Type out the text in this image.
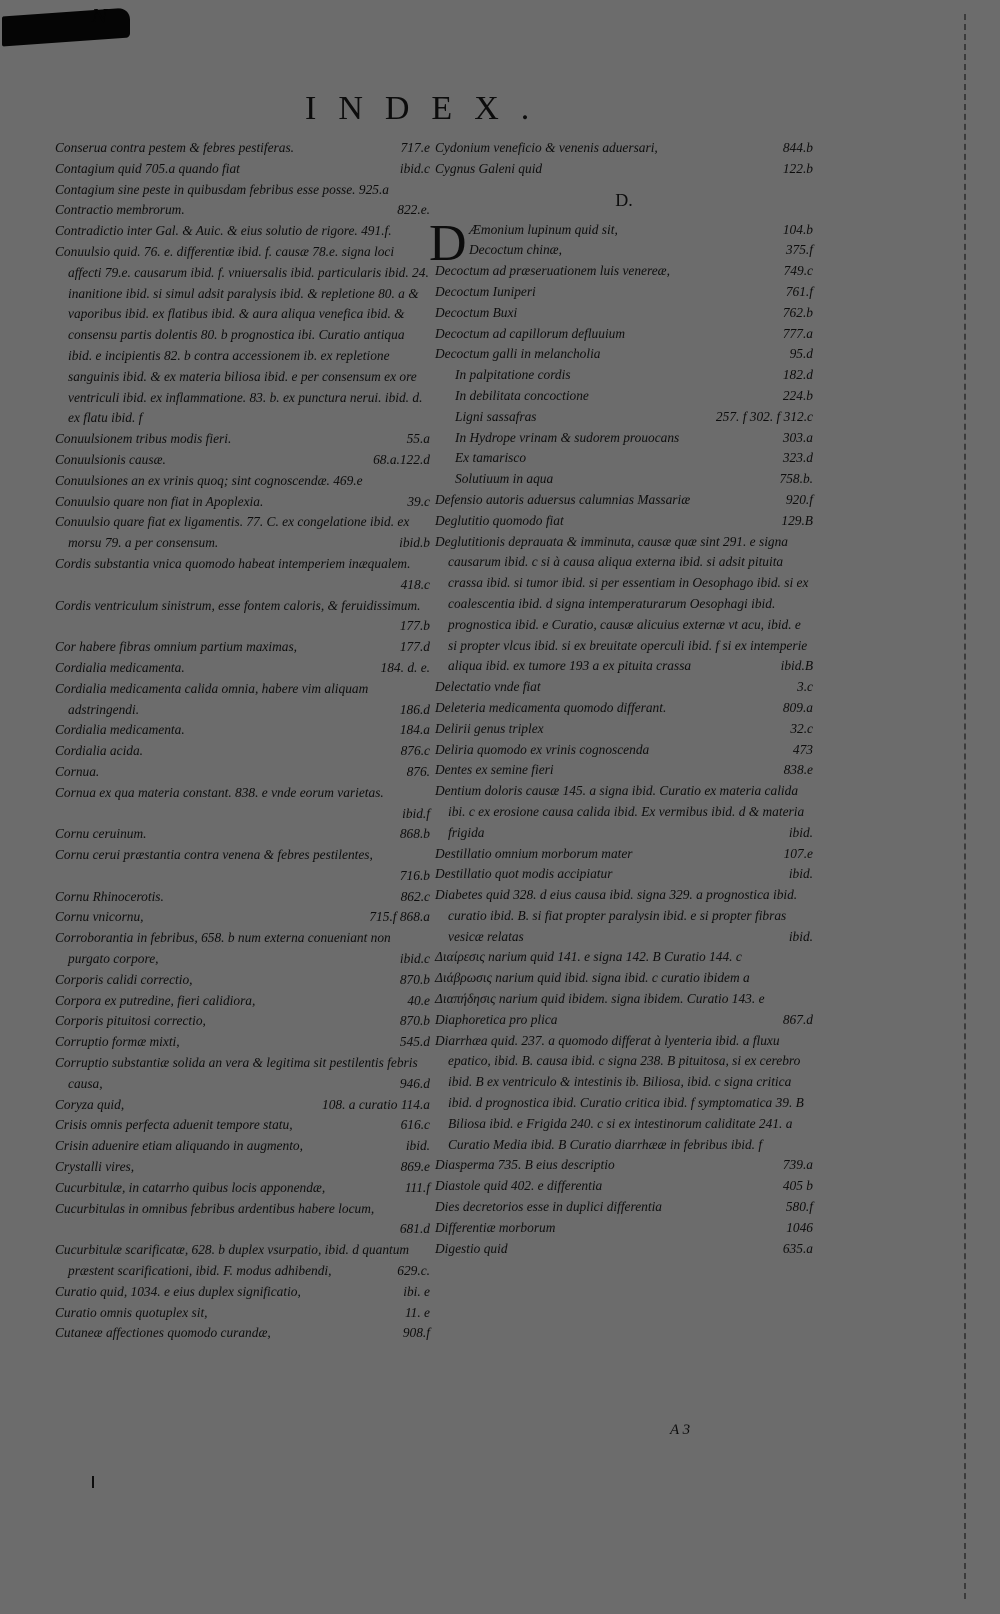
N
INDEX.
Conserua contra pestem & febres pestiferas.	717.e
Contagium quid 705.a quando fiat	ibid.c
Contagium sine peste in quibusdam febribus esse posse. 925.a
Contractio membrorum.	822.e.
Contradictio inter Gal. & Auic. & eius solutio de rigore. 491.f.
Conuulsio quid. 76. e. differentiæ ibid. f. causæ 78.e. signa loci affecti 79.e. causarum ibid. f. vniuersalis ibid. particularis ibid. 24. inanitione ibid. si simul adsit paralysis ibid. & repletione 80. a & vaporibus ibid. ex flatibus ibid. & aura aliqua venefica ibid. & consensu partis dolentis 80. b prognostica ibi. Curatio antiqua ibid. e incipientis 82. b contra accessionem ib. ex repletione sanguinis ibid. & ex materia biliosa ibid. e per consensum ex ore ventriculi ibid. ex inflammatione. 83. b. ex punctura nerui. ibid. d. ex flatu ibid. f
Conuulsionem tribus modis fieri.	55.a
Conuulsionis causæ.	68.a.122.d
Conuulsiones an ex vrinis quoq; sint cognoscendæ. 469.e
Conuulsio quare non fiat in Apoplexia.	39.c
Conuulsio quare fiat ex ligamentis. 77. C. ex congelatione ibid. ex morsu 79. a per consensum.	ibid.b
Cordis substantia vnica quomodo habeat intemperiem inæqualem.
418.c
Cordis ventriculum sinistrum, esse fontem caloris, & feruidissimum.
177.b
Cor habere fibras omnium partium maximas,	177.d
Cordialia medicamenta.	184. d. e.
Cordialia medicamenta calida omnia, habere vim aliquam adstringendi.	186.d
Cordialia medicamenta.	184.a
Cordialia acida.	876.c
Cornua.	876.
Cornua ex qua materia constant. 838. e vnde eorum varietas.
ibid.f
Cornu ceruinum.	868.b
Cornu cerui præstantia contra venena & febres pestilentes,
716.b
Cornu Rhinocerotis.	862.c
Cornu vnicornu,	715.f 868.a
Corroborantia in febribus, 658. b num externa conueniant non purgato corpore,	ibid.c
Corporis calidi correctio,	870.b
Corpora ex putredine, fieri calidiora,	40.e
Corporis pituitosi correctio,	870.b
Corruptio formæ mixti,	545.d
Corruptio substantiæ solida an vera & legitima sit pestilentis febris causa,	946.d
Coryza quid,	108. a curatio 114.a
Crisis omnis perfecta aduenit tempore statu,	616.c
Crisin aduenire etiam aliquando in augmento,	ibid.
Crystalli vires,	869.e
Cucurbitulæ, in catarrho quibus locis apponendæ,	111.f
Cucurbitulas in omnibus febribus ardentibus habere locum,
681.d
Cucurbitulæ scarificatæ, 628. b duplex vsurpatio, ibid. d quantum præstent scarificationi, ibid. F. modus adhibendi,	629.c.
Curatio quid, 1034. e eius duplex significatio,	ibi. e
Curatio omnis quotuplex sit,	11. e
Cutaneæ affectiones quomodo curandæ,	908.f
Cydonium veneficio & venenis aduersari,	844.b
Cygnus Galeni quid	122.b
D.
D Æmonium lupinum quid sit,	104.b
Decoctum chinæ,	375.f
Decoctum ad præseruationem luis venereæ,	749.c
Decoctum Iuniperi	761.f
Decoctum Buxi	762.b
Decoctum ad capillorum defluuium	777.a
Decoctum galli in melancholia	95.d
In palpitatione cordis	182.d
In debilitata concoctione	224.b
Ligni sassafras	257. f 302. f 312.c
In Hydrope vrinam & sudorem prouocans	303.a
Ex tamarisco	323.d
Solutiuum in aqua	758.b.
Defensio autoris aduersus calumnias Massariæ	920.f
Deglutitio quomodo fiat	129.B
Deglutitionis deprauata & imminuta, causæ quæ sint 291. e signa causarum ibid. c si à causa aliqua externa ibid. si adsit pituita crassa ibid. si tumor ibid. si per essentiam in Oesophago ibid. si ex coalescentia ibid. d signa intemperaturarum Oesophagi ibid. prognostica ibid. e Curatio, causæ alicuius externæ vt acu, ibid. e si propter vlcus ibid. si ex breuitate operculi ibid. f si ex intemperie aliqua ibid. ex tumore 193 a ex pituita crassa	ibid.B
Delectatio vnde fiat	3.c
Deleteria medicamenta quomodo differant.	809.a
Delirii genus triplex	32.c
Deliria quomodo ex vrinis cognoscenda	473
Dentes ex semine fieri	838.e
Dentium doloris causæ 145. a signa ibid. Curatio ex materia calida ibi. c ex erosione causa calida ibid. Ex vermibus ibid. d & materia frigida	ibid.
Destillatio omnium morborum mater	107.e
Destillatio quot modis accipiatur	ibid.
Diabetes quid 328. d eius causa ibid. signa 329. a prognostica ibid. curatio ibid. B. si fiat propter paralysin ibid. e si propter fibras vesicæ relatas	ibid.
Διαίρεσις narium quid 141. e signa 142. B Curatio 144. c
Διάβρωσις narium quid ibid. signa ibid. c curatio ibidem a
Διαπήδησις narium quid ibidem. signa ibidem. Curatio 143. e
Diaphoretica pro plica	867.d
Diarrhæa quid. 237. a quomodo differat à lyenteria ibid. a fluxu epatico, ibid. B. causa ibid. c signa 238. B pituitosa, si ex cerebro ibid. B ex ventriculo & intestinis ib. Biliosa, ibid. c signa critica ibid. d prognostica ibid. Curatio critica ibid. f symptomatica 39. B Biliosa ibid. e Frigida 240. c si ex intestinorum caliditate 241. a Curatio Media ibid. B Curatio diarrhææ in febribus ibid. f
Diasperma 735. B eius descriptio	739.a
Diastole quid 402. e differentia	405 b
Dies decretorios esse in duplici differentia	580.f
Differentiæ morborum	1046
Digestio quid	635.a
A 3
